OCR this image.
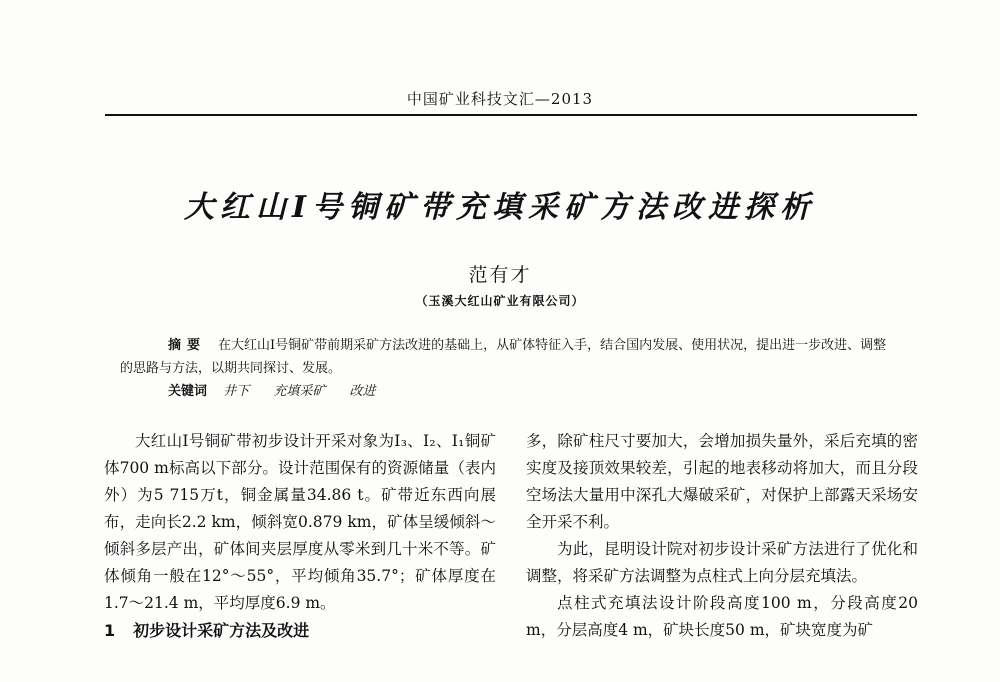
中国矿业科技文汇—2013
大红山Ⅰ号铜矿带充填采矿方法改进探析
范有才
（玉溪大红山矿业有限公司）
摘要 在大红山Ⅰ号铜矿带前期采矿方法改进的基础上，从矿体特征入手，结合国内发展、使用状况，提出进一步改进、调整的思路与方法，以期共同探讨、发展。
关键词 井下 充填采矿 改进

大红山Ⅰ号铜矿带初步设计开采对象为Ⅰ₃、Ⅰ₂、Ⅰ₁铜矿体700 m标高以下部分。设计范围保有的资源储量（表内外）为5 715万t，铜金属量34.86 t。矿带近东西向展布，走向长2.2 km，倾斜宽0.879 km，矿体呈缓倾斜～倾斜多层产出，矿体间夹层厚度从零米到几十米不等。矿体倾角一般在12°～55°，平均倾角35.7°；矿体厚度在1.7～21.4 m，平均厚度6.9 m。

1 初步设计采矿方法及改进

多，除矿柱尺寸要加大，会增加损失量外，采后充填的密实度及接顶效果较差，引起的地表移动将加大，而且分段空场法大量用中深孔大爆破采矿，对保护上部露天采场安全开采不利。

为此，昆明设计院对初步设计采矿方法进行了优化和调整，将采矿方法调整为点柱式上向分层充填法。

点柱式充填法设计阶段高度100 m，分段高度20 m，分层高度4 m，矿块长度50 m，矿块宽度为矿
